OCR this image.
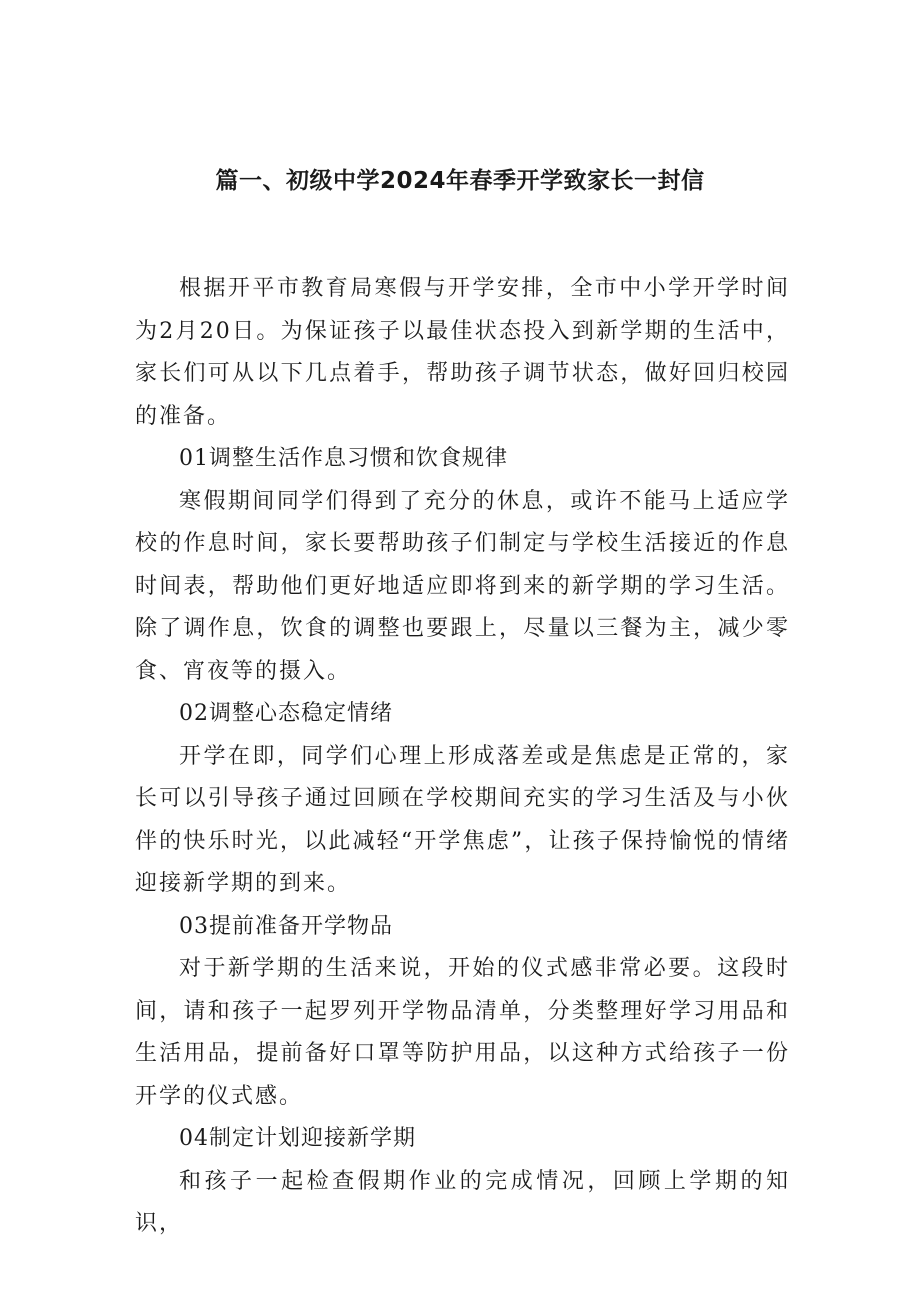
篇一、初级中学2024年春季开学致家长一封信

根据开平市教育局寒假与开学安排，全市中小学开学时间为2月20日。为保证孩子以最佳状态投入到新学期的生活中，家长们可从以下几点着手，帮助孩子调节状态，做好回归校园的准备。

01调整生活作息习惯和饮食规律

寒假期间同学们得到了充分的休息，或许不能马上适应学校的作息时间，家长要帮助孩子们制定与学校生活接近的作息时间表，帮助他们更好地适应即将到来的新学期的学习生活。除了调作息，饮食的调整也要跟上，尽量以三餐为主，减少零食、宵夜等的摄入。

02调整心态稳定情绪

开学在即，同学们心理上形成落差或是焦虑是正常的，家长可以引导孩子通过回顾在学校期间充实的学习生活及与小伙伴的快乐时光，以此减轻“开学焦虑”，让孩子保持愉悦的情绪迎接新学期的到来。

03提前准备开学物品

对于新学期的生活来说，开始的仪式感非常必要。这段时间，请和孩子一起罗列开学物品清单，分类整理好学习用品和生活用品，提前备好口罩等防护用品，以这种方式给孩子一份开学的仪式感。

04制定计划迎接新学期

和孩子一起检查假期作业的完成情况，回顾上学期的知识，
